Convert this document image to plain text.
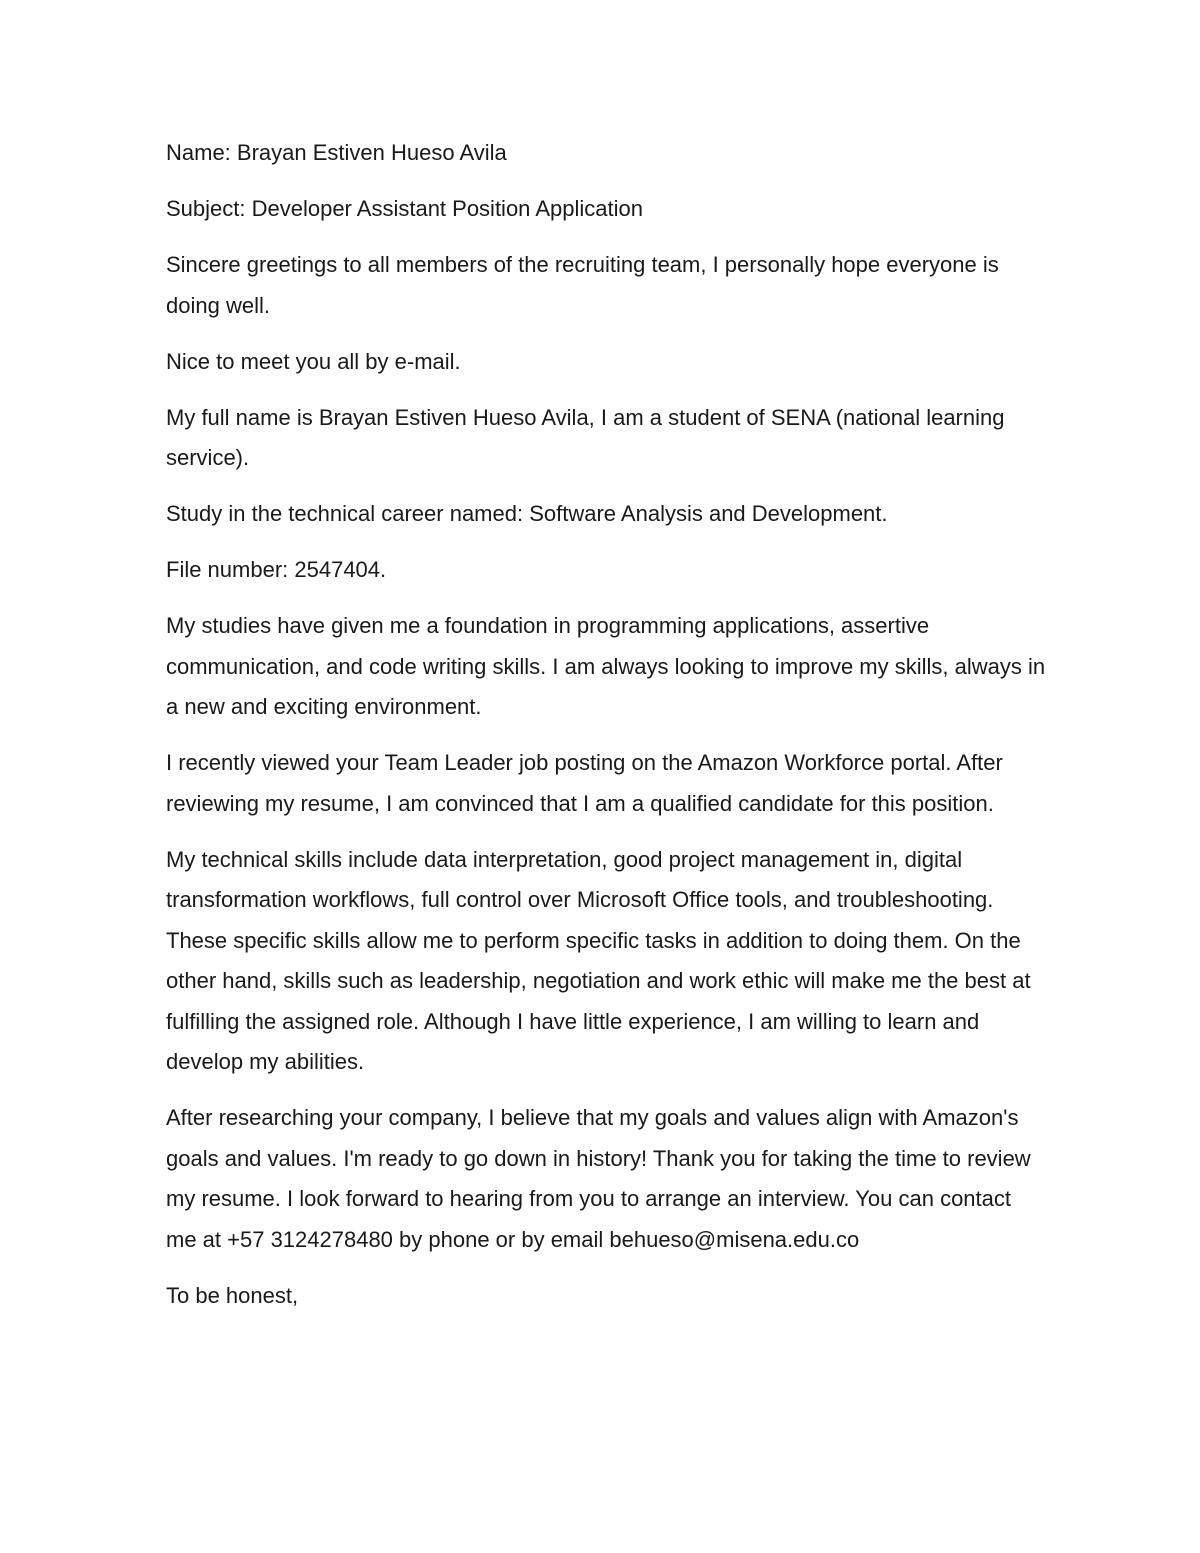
Name: Brayan Estiven Hueso Avila

Subject: Developer Assistant Position Application

Sincere greetings to all members of the recruiting team, I personally hope everyone is doing well.

Nice to meet you all by e-mail.

My full name is Brayan Estiven Hueso Avila, I am a student of SENA (national learning service).

Study in the technical career named: Software Analysis and Development.

File number: 2547404.

My studies have given me a foundation in programming applications, assertive communication, and code writing skills. I am always looking to improve my skills, always in a new and exciting environment.

I recently viewed your Team Leader job posting on the Amazon Workforce portal. After reviewing my resume, I am convinced that I am a qualified candidate for this position.

My technical skills include data interpretation, good project management in, digital transformation workflows, full control over Microsoft Office tools, and troubleshooting. These specific skills allow me to perform specific tasks in addition to doing them. On the other hand, skills such as leadership, negotiation and work ethic will make me the best at fulfilling the assigned role. Although I have little experience, I am willing to learn and develop my abilities.

After researching your company, I believe that my goals and values align with Amazon's goals and values. I'm ready to go down in history! Thank you for taking the time to review my resume. I look forward to hearing from you to arrange an interview. You can contact me at +57 3124278480 by phone or by email behueso@misena.edu.co

To be honest,
